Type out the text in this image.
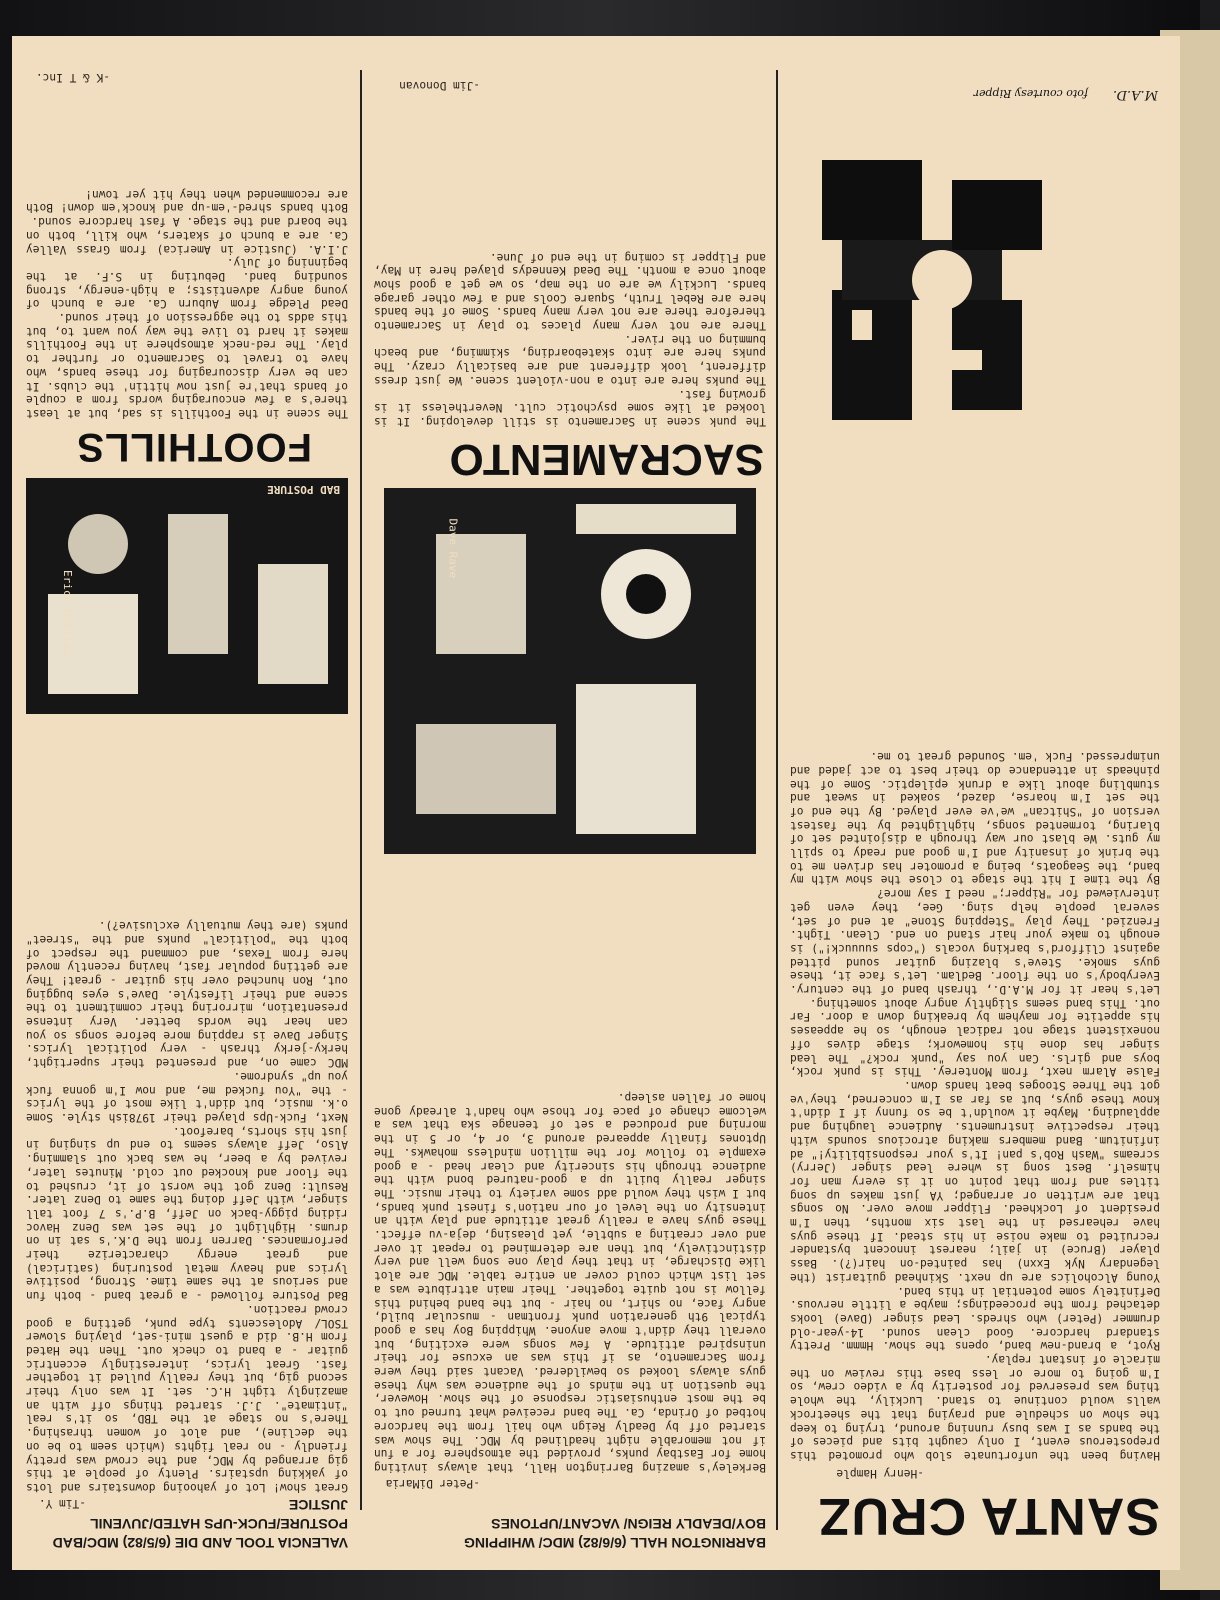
SANTA CRUZ
-Henry Hample
Having been the unfortunate slob who promoted this preposterous event, I only caught bits and pieces of the bands as I was busy running around, trying to keep the show on schedule and praying that the sheetrock walls would continue to stand. Luckily, the whole thing was preserved for posterity by a video crew, so I'm going to more or less base this review on the miracle of instant replay.
Ryot, a brand-new band, opens the show. Hmmm. Pretty standard hardcore. Good clean sound. 14-year-old drummer (Peter) who shreds. Lead singer (Dave) looks detached from the proceedings; maybe a little nervous. Definitely some potential in this band.
Young Alcoholics are up next. Skinhead guitarist (the legendary Nyk Exxn) has painted-on hair(?). Bass player (Bruce) in jail; nearest innocent bystander recruited to make noise in his stead. If these guys have rehearsed in the last six months, then I'm president of Lockheed. Flipper move over. No songs that are written or arranged; YA just makes up song titles and from that point on it is every man for himself. Best song is where lead singer (Jerry) screams "Wash Rob's pan! It's your responsibility!" ad infinitum. Band members making atrocious sounds with their respective instruments. Audience laughing and applauding. Maybe it wouldn't be so funny if I didn't know these guys, but as far as I'm concerned, they've got the Three Stooges beat hands down.
False Alarm next, from Monterey. This is punk rock, boys and girls. Can you say "punk rock?" The lead singer has done his homework; stage dives off nonexistent stage not radical enough, so he appeases his appetite for mayhem by breaking down a door. Far out. This band seems slightly angry about something.
Let's hear it for M.A.D., thrash band of the century. Everybody's on the floor. Bedlam. Let's face it, these guys smoke. Steve's blazing guitar sound pitted against Clifford's barking vocals ("cops suuuuck!") is enough to make your hair stand on end. Clean. Tight. Frenzied. They play "Stepping Stone" at end of set, several people help sing. Gee, they even get interviewed for "Ripper;" need I say more?
By the time I hit the stage to close the show with my band, the Seagoats, being a promoter has driven me to the brink of insanity and I'm good and ready to spill my guts. We blast our way through a disjointed set of blaring, tormented songs, highlighted by the fastest version of "Shitcan" we've ever played. By the end of the set I'm hoarse, dazed, soaked in sweat and stumbling about like a drunk epileptic. Some of the pinheads in attendance do their best to act jaded and unimpressed. Fuck 'em. Sounded great to me.
M.A.D.
foto courtesy Ripper
BARRINGTON HALL (6/6/82) MDC/ WHIPPING BOY/DEADLY REIGN/ VACANT/UPTONES
-Peter DiMaria
Berkeley's amazing Barrington Hall, that always inviting home for Eastbay punks, provided the atmosphere for a fun if not memorable night headlined by MDC. The show was started off by Deadly Reign who hail from the hardcore hotbed of Orinda, Ca. The band received what turned out to be the most enthusiastic response of the show. However, the question in the minds of the audience was why these guys always looked so bewildered. Vacant said they were from Sacramento, as if this was an excuse for their uninspired attitude. A few songs were exciting, but overall they didn't move anyone. Whipping Boy has a good typical 9th generation punk frontman - muscular build, angry face, no shirt, no hair - but the band behind this fellow is not quite together. Their main attribute was a set list which could cover an entire table. MDC are alot like Discharge, in that they play one song well and very distinctively, but then are determined to repeat it over and over creating a subtle, yet pleasing, deja-vu effect. These guys have a really great attitude and play with an intensity on the level of our nation's finest punk bands, but I wish they would add some variety to their music. The singer really built up a good-natured bond with the audience through his sincerity and clear head - a good example to follow for the million mindless mohawks. The Uptones finally appeared around 3, or 4, or 5 in the morning and produced a set of teenage ska that was a welcome change of pace for those who hadn't already gone home or fallen asleep.
Dave Rave
SACRAMENTO
The punk scene in Sacramento is still developing. It is looked at like some psychotic cult. Nevertheless it is growing fast.
The punks here are into a non-violent scene. We just dress different, look different and are basically crazy. The punks here are into skateboarding, skimming, and beach bumming on the river.
There are not very many places to play in Sacramento therefore there are not very many bands. Some of the bands here are Rebel Truth, Square Cools and a few other garage bands. Luckily we are on the map, so we get a good show about once a month. The Dead Kennedys played here in May, and Flipper is coming in the end of June.
-Jim Donovan
VALENCIA TOOL AND DIE (6/5/82) MDC/BAD POSTURE/FUCK-UPS HATED/JUVENIL JUSTICE
-Tim Y.
Great show! Lot of yahooing downstairs and lots of yakking upstairs. Plenty of people at this gig arranged by MDC, and the crowd was pretty friendly - no real fights (which seem to be on the decline), and alot of women thrashing. There's no stage at the TBD, so it's real "intimate". J.J. started things off with an amazingly tight H.C. set. It was only their second gig, but they really pulled it together fast. Great lyrics, interestingly eccentric guitar - a band to check out. Then the Hated from H.B. did a guest mini-set, playing slower TSOL/ Adolescents type punk, getting a good crowd reaction.
Bad Posture followed - a great band - both fun and serious at the same time. Strong, positive lyrics and heavy metal posturing (satirical) and great energy characterize their performances. Darren from the D.K.'s sat in on drums. Highlight of the set was Denz Havoc riding piggy-back on Jeff, B.P.'s 7 foot tall singer, with Jeff doing the same to Denz later. Result: Denz got the worst of it, crushed to the floor and knocked out cold. Minutes later, revived by a beer, he was back out slamming. Also, Jeff always seems to end up singing in just his shorts, barefoot.
Next, Fuck-Ups played their 1978ish style. Some o.k. music, but didn't like most of the lyrics - the "You fucked me, and now I'm gonna fuck you up" syndrome.
MDC came on, and presented their supertight, herky-jerky thrash - very political lyrics. Singer Dave is rapping more before songs so you can hear the words better. Very intense presentation, mirroring their commitment to the scene and their lifestyle. Dave's eyes bugging out, Ron hunched over his guitar - great! They are getting popular fast, having recently moved here from Texas, and command the respect of both the "political" punks and the "street" punks (are they mutually exclusive?).
Erich Mueller
BAD POSTURE
FOOTHILLS
The scene in the Foothills is sad, but at least there's a few encouraging words from a couple of bands that're just now hittin' the clubs. It can be very discouraging for these bands, who have to travel to Sacramento or further to play. The red-neck atmosphere in the Foothills makes it hard to live the way you want to, but this adds to the aggression of their sound.
Dead Pledge from Auburn Ca. are a bunch of young angry adventists; a high-energy, strong sounding band. Debuting in S.F. at the beginning of July.
J.I.A. (Justice in America) from Grass Valley Ca. are a bunch of skaters, who kill, both on the board and the stage. A fast hardcore sound.
Both bands shred-'em-up and knock'em down! Both are recommended when they hit yer town!
-K & T Inc.
